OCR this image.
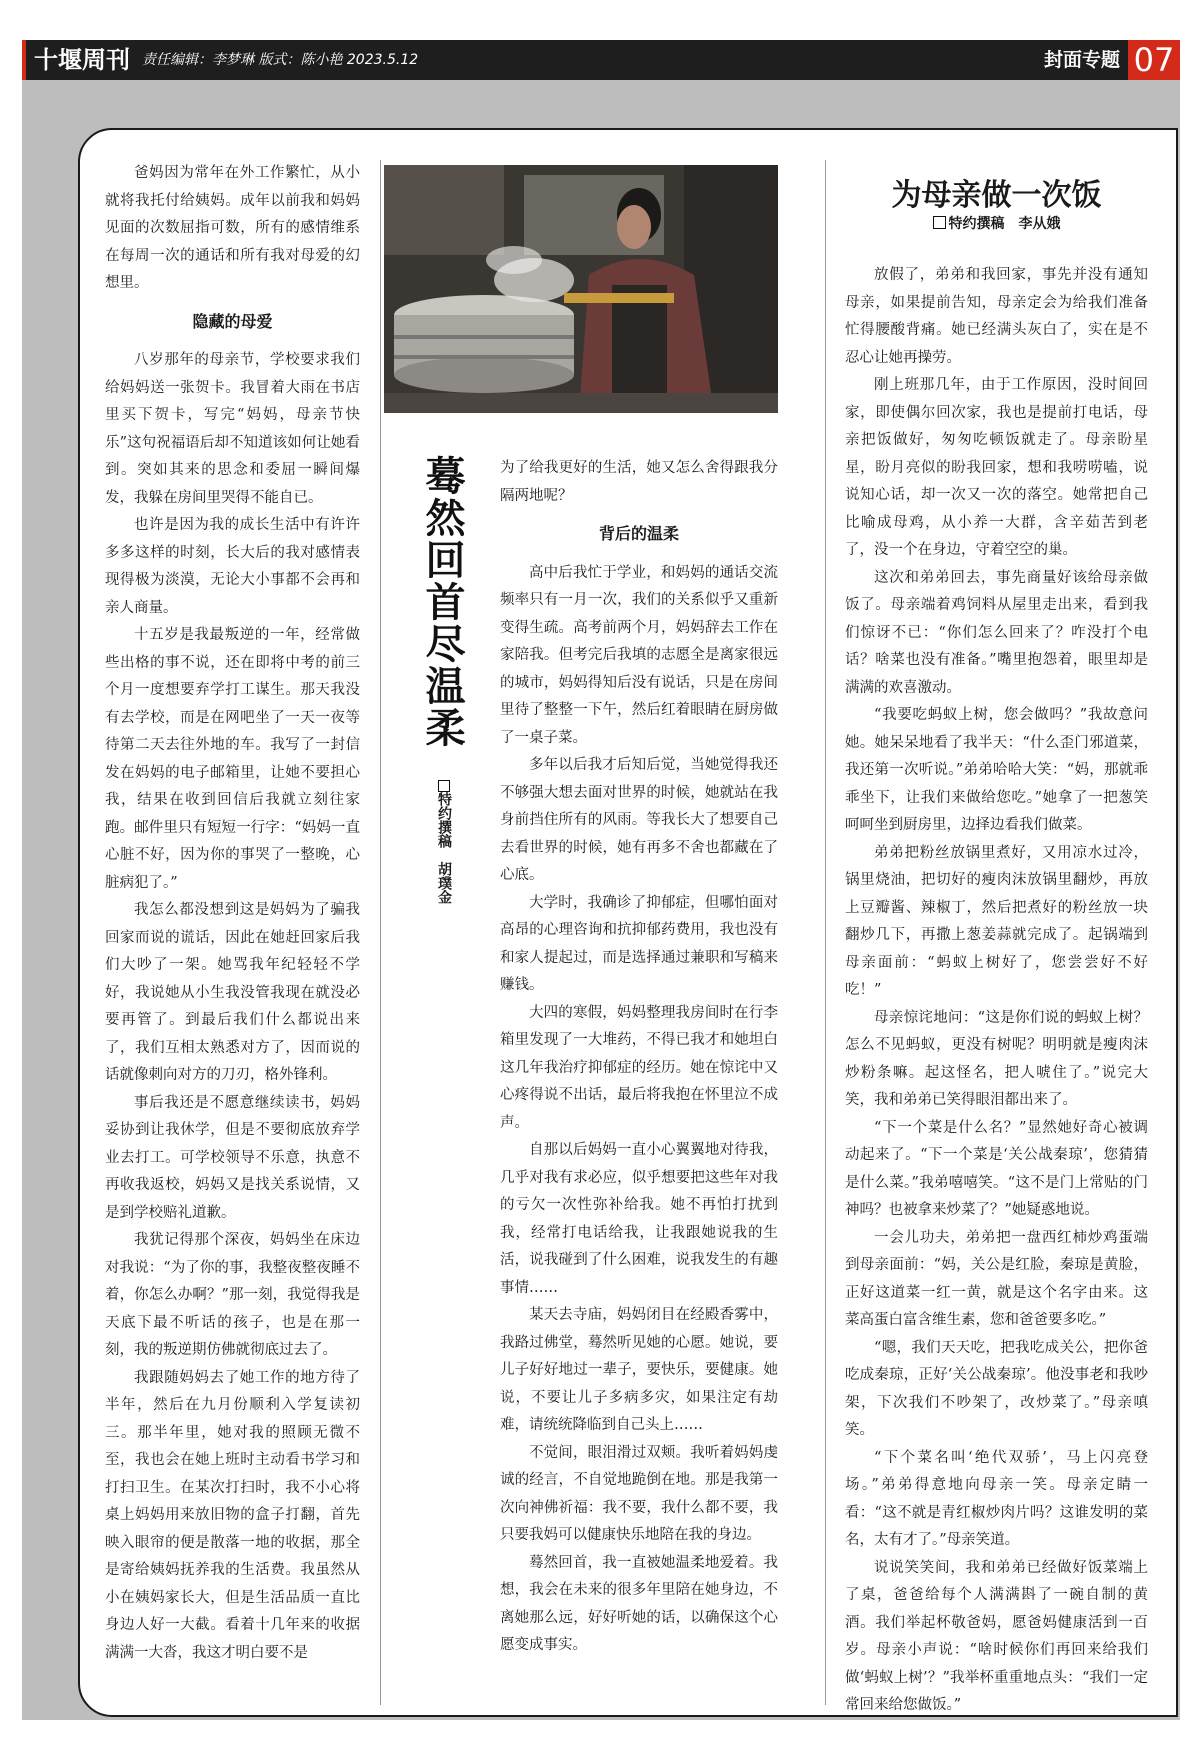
十堰周刊 责任编辑：李梦琳 版式：陈小艳 2023.5.12	封面专题 07
蓦然回首尽温柔
特约撰稿　胡璞金

爸妈因为常年在外工作繁忙，从小就将我托付给姨妈。成年以前我和妈妈见面的次数屈指可数，所有的感情维系在每周一次的通话和所有我对母爱的幻想里。

隐藏的母爱

八岁那年的母亲节，学校要求我们给妈妈送一张贺卡。我冒着大雨在书店里买下贺卡，写完“妈妈，母亲节快乐”这句祝福语后却不知道该如何让她看到。突如其来的思念和委屈一瞬间爆发，我躲在房间里哭得不能自已。

也许是因为我的成长生活中有许许多多这样的时刻，长大后的我对感情表现得极为淡漠，无论大小事都不会再和亲人商量。

十五岁是我最叛逆的一年，经常做些出格的事不说，还在即将中考的前三个月一度想要弃学打工谋生。那天我没有去学校，而是在网吧坐了一天一夜等待第二天去往外地的车。我写了一封信发在妈妈的电子邮箱里，让她不要担心我，结果在收到回信后我就立刻往家跑。邮件里只有短短一行字：“妈妈一直心脏不好，因为你的事哭了一整晚，心脏病犯了。”

我怎么都没想到这是妈妈为了骗我回家而说的谎话，因此在她赶回家后我们大吵了一架。她骂我年纪轻轻不学好，我说她从小生我没管我现在就没必要再管了。到最后我们什么都说出来了，我们互相太熟悉对方了，因而说的话就像刺向对方的刀刃，格外锋利。

事后我还是不愿意继续读书，妈妈妥协到让我休学，但是不要彻底放弃学业去打工。可学校领导不乐意，执意不再收我返校，妈妈又是找关系说情，又是到学校赔礼道歉。

我犹记得那个深夜，妈妈坐在床边对我说：“为了你的事，我整夜整夜睡不着，你怎么办啊？”那一刻，我觉得我是天底下最不听话的孩子，也是在那一刻，我的叛逆期仿佛就彻底过去了。

我跟随妈妈去了她工作的地方待了半年，然后在九月份顺利入学复读初三。那半年里，她对我的照顾无微不至，我也会在她上班时主动看书学习和打扫卫生。在某次打扫时，我不小心将桌上妈妈用来放旧物的盒子打翻，首先映入眼帘的便是散落一地的收据，那全是寄给姨妈抚养我的生活费。我虽然从小在姨妈家长大，但是生活品质一直比身边人好一大截。看着十几年来的收据满满一大沓，我这才明白要不是

为了给我更好的生活，她又怎么舍得跟我分隔两地呢？

背后的温柔

高中后我忙于学业，和妈妈的通话交流频率只有一月一次，我们的关系似乎又重新变得生疏。高考前两个月，妈妈辞去工作在家陪我。但考完后我填的志愿全是离家很远的城市，妈妈得知后没有说话，只是在房间里待了整整一下午，然后红着眼睛在厨房做了一桌子菜。

多年以后我才后知后觉，当她觉得我还不够强大想去面对世界的时候，她就站在我身前挡住所有的风雨。等我长大了想要自己去看世界的时候，她有再多不舍也都藏在了心底。

大学时，我确诊了抑郁症，但哪怕面对高昂的心理咨询和抗抑郁药费用，我也没有和家人提起过，而是选择通过兼职和写稿来赚钱。

大四的寒假，妈妈整理我房间时在行李箱里发现了一大堆药，不得已我才和她坦白这几年我治疗抑郁症的经历。她在惊诧中又心疼得说不出话，最后将我抱在怀里泣不成声。

自那以后妈妈一直小心翼翼地对待我，几乎对我有求必应，似乎想要把这些年对我的亏欠一次性弥补给我。她不再怕打扰到我，经常打电话给我，让我跟她说我的生活，说我碰到了什么困难，说我发生的有趣事情……

某天去寺庙，妈妈闭目在经殿香雾中，我路过佛堂，蓦然听见她的心愿。她说，要儿子好好地过一辈子，要快乐，要健康。她说，不要让儿子多病多灾，如果注定有劫难，请统统降临到自己头上……

不觉间，眼泪滑过双颊。我听着妈妈虔诚的经言，不自觉地跪倒在地。那是我第一次向神佛祈福：我不要，我什么都不要，我只要我妈可以健康快乐地陪在我的身边。

蓦然回首，我一直被她温柔地爱着。我想，我会在未来的很多年里陪在她身边，不离她那么远，好好听她的话，以确保这个心愿变成事实。

为母亲做一次饭
特约撰稿　 李从娥

放假了，弟弟和我回家，事先并没有通知母亲，如果提前告知，母亲定会为给我们准备忙得腰酸背痛。她已经满头灰白了，实在是不忍心让她再操劳。

刚上班那几年，由于工作原因，没时间回家，即使偶尔回次家，我也是提前打电话，母亲把饭做好，匆匆吃顿饭就走了。母亲盼星星，盼月亮似的盼我回家，想和我唠唠嗑，说说知心话，却一次又一次的落空。她常把自己比喻成母鸡，从小养一大群，含辛茹苦到老了，没一个在身边，守着空空的巢。

这次和弟弟回去，事先商量好该给母亲做饭了。母亲端着鸡饲料从屋里走出来，看到我们惊讶不已：“你们怎么回来了？咋没打个电话？啥菜也没有准备。”嘴里抱怨着，眼里却是满满的欢喜激动。

“我要吃蚂蚁上树，您会做吗？”我故意问她。她呆呆地看了我半天：“什么歪门邪道菜，我还第一次听说。”弟弟哈哈大笑：“妈，那就乖乖坐下，让我们来做给您吃。”她拿了一把葱笑呵呵坐到厨房里，边择边看我们做菜。

弟弟把粉丝放锅里煮好，又用凉水过冷，锅里烧油，把切好的瘦肉沫放锅里翻炒，再放上豆瓣酱、辣椒丁，然后把煮好的粉丝放一块翻炒几下，再撒上葱姜蒜就完成了。起锅端到母亲面前：“蚂蚁上树好了，您尝尝好不好吃！”

母亲惊诧地问：“这是你们说的蚂蚁上树？怎么不见蚂蚁，更没有树呢？明明就是瘦肉沫炒粉条嘛。起这怪名，把人唬住了。”说完大笑，我和弟弟已笑得眼泪都出来了。

“下一个菜是什么名？”显然她好奇心被调动起来了。“下一个菜是‘关公战秦琼’，您猜猜是什么菜。”我弟嘻嘻笑。“这不是门上常贴的门神吗？也被拿来炒菜了？”她疑惑地说。

一会儿功夫，弟弟把一盘西红柿炒鸡蛋端到母亲面前：“妈，关公是红脸，秦琼是黄脸，正好这道菜一红一黄，就是这个名字由来。这菜高蛋白富含维生素，您和爸爸要多吃。”

“嗯，我们天天吃，把我吃成关公，把你爸吃成秦琼，正好‘关公战秦琼’。他没事老和我吵架，下次我们不吵架了，改炒菜了。”母亲嗔笑。

“下个菜名叫‘绝代双骄’，马上闪亮登场。”弟弟得意地向母亲一笑。母亲定睛一看：“这不就是青红椒炒肉片吗？这谁发明的菜名，太有才了。”母亲笑道。

说说笑笑间，我和弟弟已经做好饭菜端上了桌，爸爸给每个人满满斟了一碗自制的黄酒。我们举起杯敬爸妈，愿爸妈健康活到一百岁。母亲小声说：“啥时候你们再回来给我们做‘蚂蚁上树’？”我举杯重重地点头：“我们一定常回来给您做饭。”
